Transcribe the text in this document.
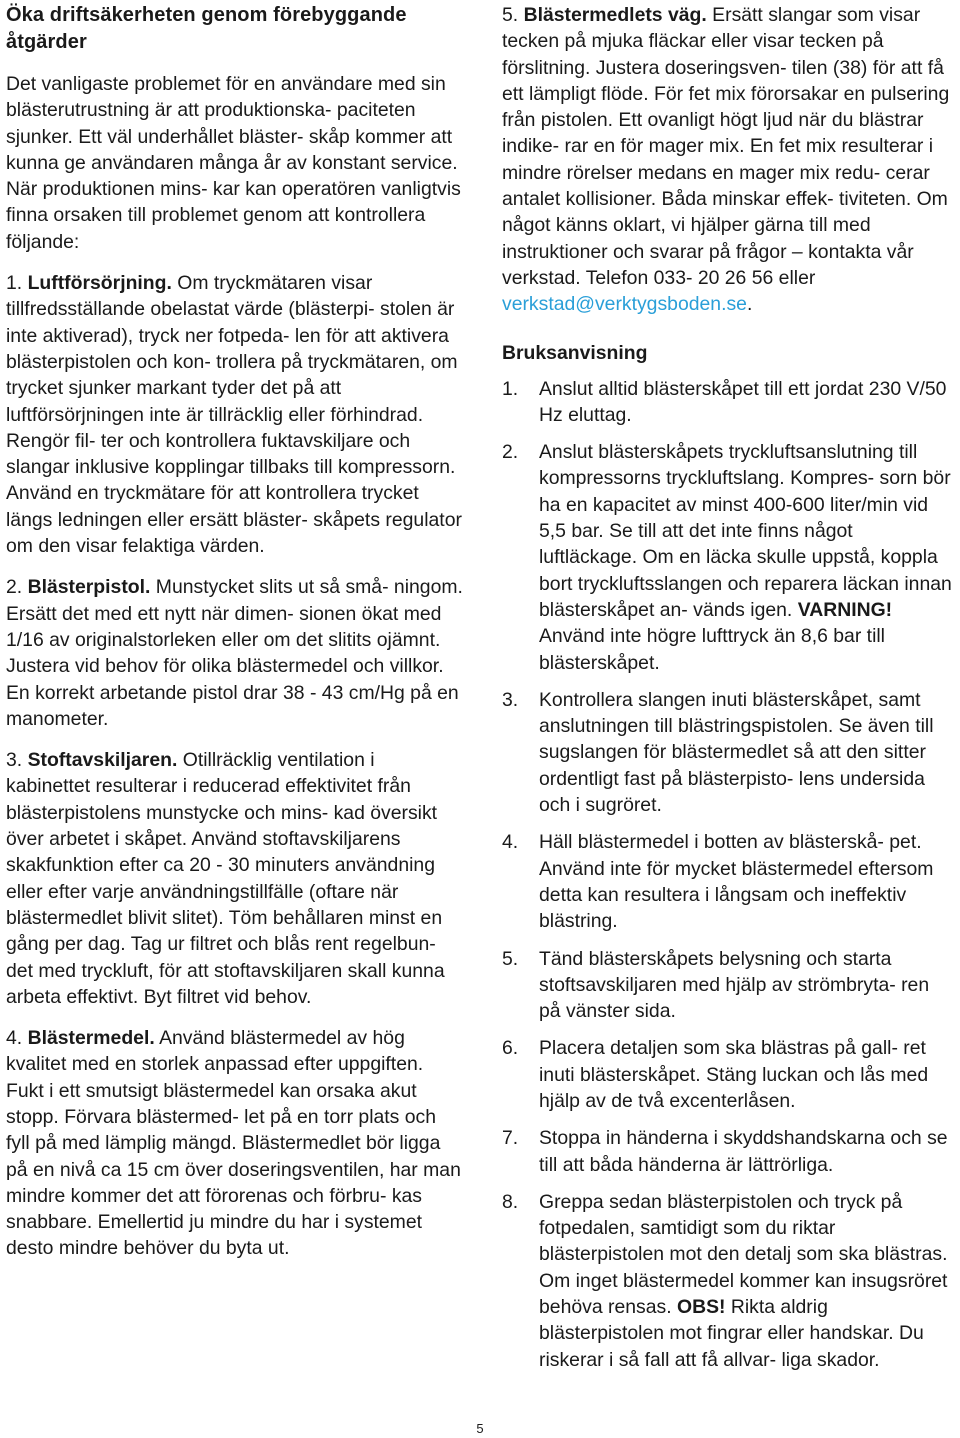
Öka driftsäkerheten genom förebyggande åtgärder

Det vanligaste problemet för en användare med sin blästerutrustning är att produktionska- paciteten sjunker. Ett väl underhållet bläster- skåp kommer att kunna ge användaren många år av konstant service. När produktionen mins- kar kan operatören vanligtvis finna orsaken till problemet genom att kontrollera följande:

1. Luftförsörjning. Om tryckmätaren visar tillfredsställande obelastat värde (blästerpi- stolen är inte aktiverad), tryck ner fotpeda- len för att aktivera blästerpistolen och kon- trollera på tryckmätaren, om trycket sjunker markant tyder det på att luftförsörjningen inte är tillräcklig eller förhindrad. Rengör fil- ter och kontrollera fuktavskiljare och slangar inklusive kopplingar tillbaks till kompressorn. Använd en tryckmätare för att kontrollera trycket längs ledningen eller ersätt bläster- skåpets regulator om den visar felaktiga värden.

2. Blästerpistol. Munstycket slits ut så små- ningom. Ersätt det med ett nytt när dimen- sionen ökat med 1/16 av originalstorleken eller om det slitits ojämnt. Justera vid behov för olika blästermedel och villkor. En korrekt arbetande pistol drar 38 - 43 cm/Hg på en manometer.

3. Stoftavskiljaren. Otillräcklig ventilation i kabinettet resulterar i reducerad effektivitet från blästerpistolens munstycke och mins- kad översikt över arbetet i skåpet. Använd stoftavskiljarens skakfunktion efter ca 20 - 30 minuters användning eller efter varje användningstillfälle (oftare när blästermedlet blivit slitet). Töm behållaren minst en gång per dag. Tag ur filtret och blås rent regelbun- det med tryckluft, för att stoftavskiljaren skall kunna arbeta effektivt. Byt filtret vid behov.

4. Blästermedel. Använd blästermedel av hög kvalitet med en storlek anpassad efter uppgiften. Fukt i ett smutsigt blästermedel kan orsaka akut stopp. Förvara blästermed- let på en torr plats och fyll på med lämplig mängd. Blästermedlet bör ligga på en nivå ca 15 cm över doseringsventilen, har man mindre kommer det att förorenas och förbru- kas snabbare. Emellertid ju mindre du har i systemet desto mindre behöver du byta ut.

5. Blästermedlets väg. Ersätt slangar som visar tecken på mjuka fläckar eller visar tecken på förslitning. Justera doseringsven- tilen (38) för att få ett lämpligt flöde. För fet mix förorsakar en pulsering från pistolen. Ett ovanligt högt ljud när du blästrar indike- rar en för mager mix. En fet mix resulterar i mindre rörelser medans en mager mix redu- cerar antalet kollisioner. Båda minskar effek- tiviteten. Om något känns oklart, vi hjälper gärna till med instruktioner och svarar på frågor – kontakta vår verkstad. Telefon 033- 20 26 56 eller verkstad@verktygsboden.se.

Bruksanvisning
1. Anslut alltid blästerskåpet till ett jordat 230 V/50 Hz eluttag.
2. Anslut blästerskåpets tryckluftsanslutning till kompressorns tryckluftslang. Kompres- sorn bör ha en kapacitet av minst 400-600 liter/min vid 5,5 bar. Se till att det inte finns något luftläckage. Om en läcka skulle uppstå, koppla bort tryckluftsslangen och reparera läckan innan blästerskåpet an- vänds igen. VARNING! Använd inte högre lufttryck än 8,6 bar till blästerskåpet.
3. Kontrollera slangen inuti blästerskåpet, samt anslutningen till blästringspistolen. Se även till sugslangen för blästermedlet så att den sitter ordentligt fast på blästerpisto- lens undersida och i sugröret.
4. Häll blästermedel i botten av blästerskå- pet. Använd inte för mycket blästermedel eftersom detta kan resultera i långsam och ineffektiv blästring.
5. Tänd blästerskåpets belysning och starta stoftsavskiljaren med hjälp av strömbryta- ren på vänster sida.
6. Placera detaljen som ska blästras på gall- ret inuti blästerskåpet. Stäng luckan och lås med hjälp av de två excenterlåsen.
7. Stoppa in händerna i skyddshandskarna och se till att båda händerna är lättrörliga.
8. Greppa sedan blästerpistolen och tryck på fotpedalen, samtidigt som du riktar blästerpistolen mot den detalj som ska blästras. Om inget blästermedel kommer kan insugsröret behöva rensas. OBS! Rikta aldrig blästerpistolen mot fingrar eller handskar. Du riskerar i så fall att få allvar- liga skador.
5
